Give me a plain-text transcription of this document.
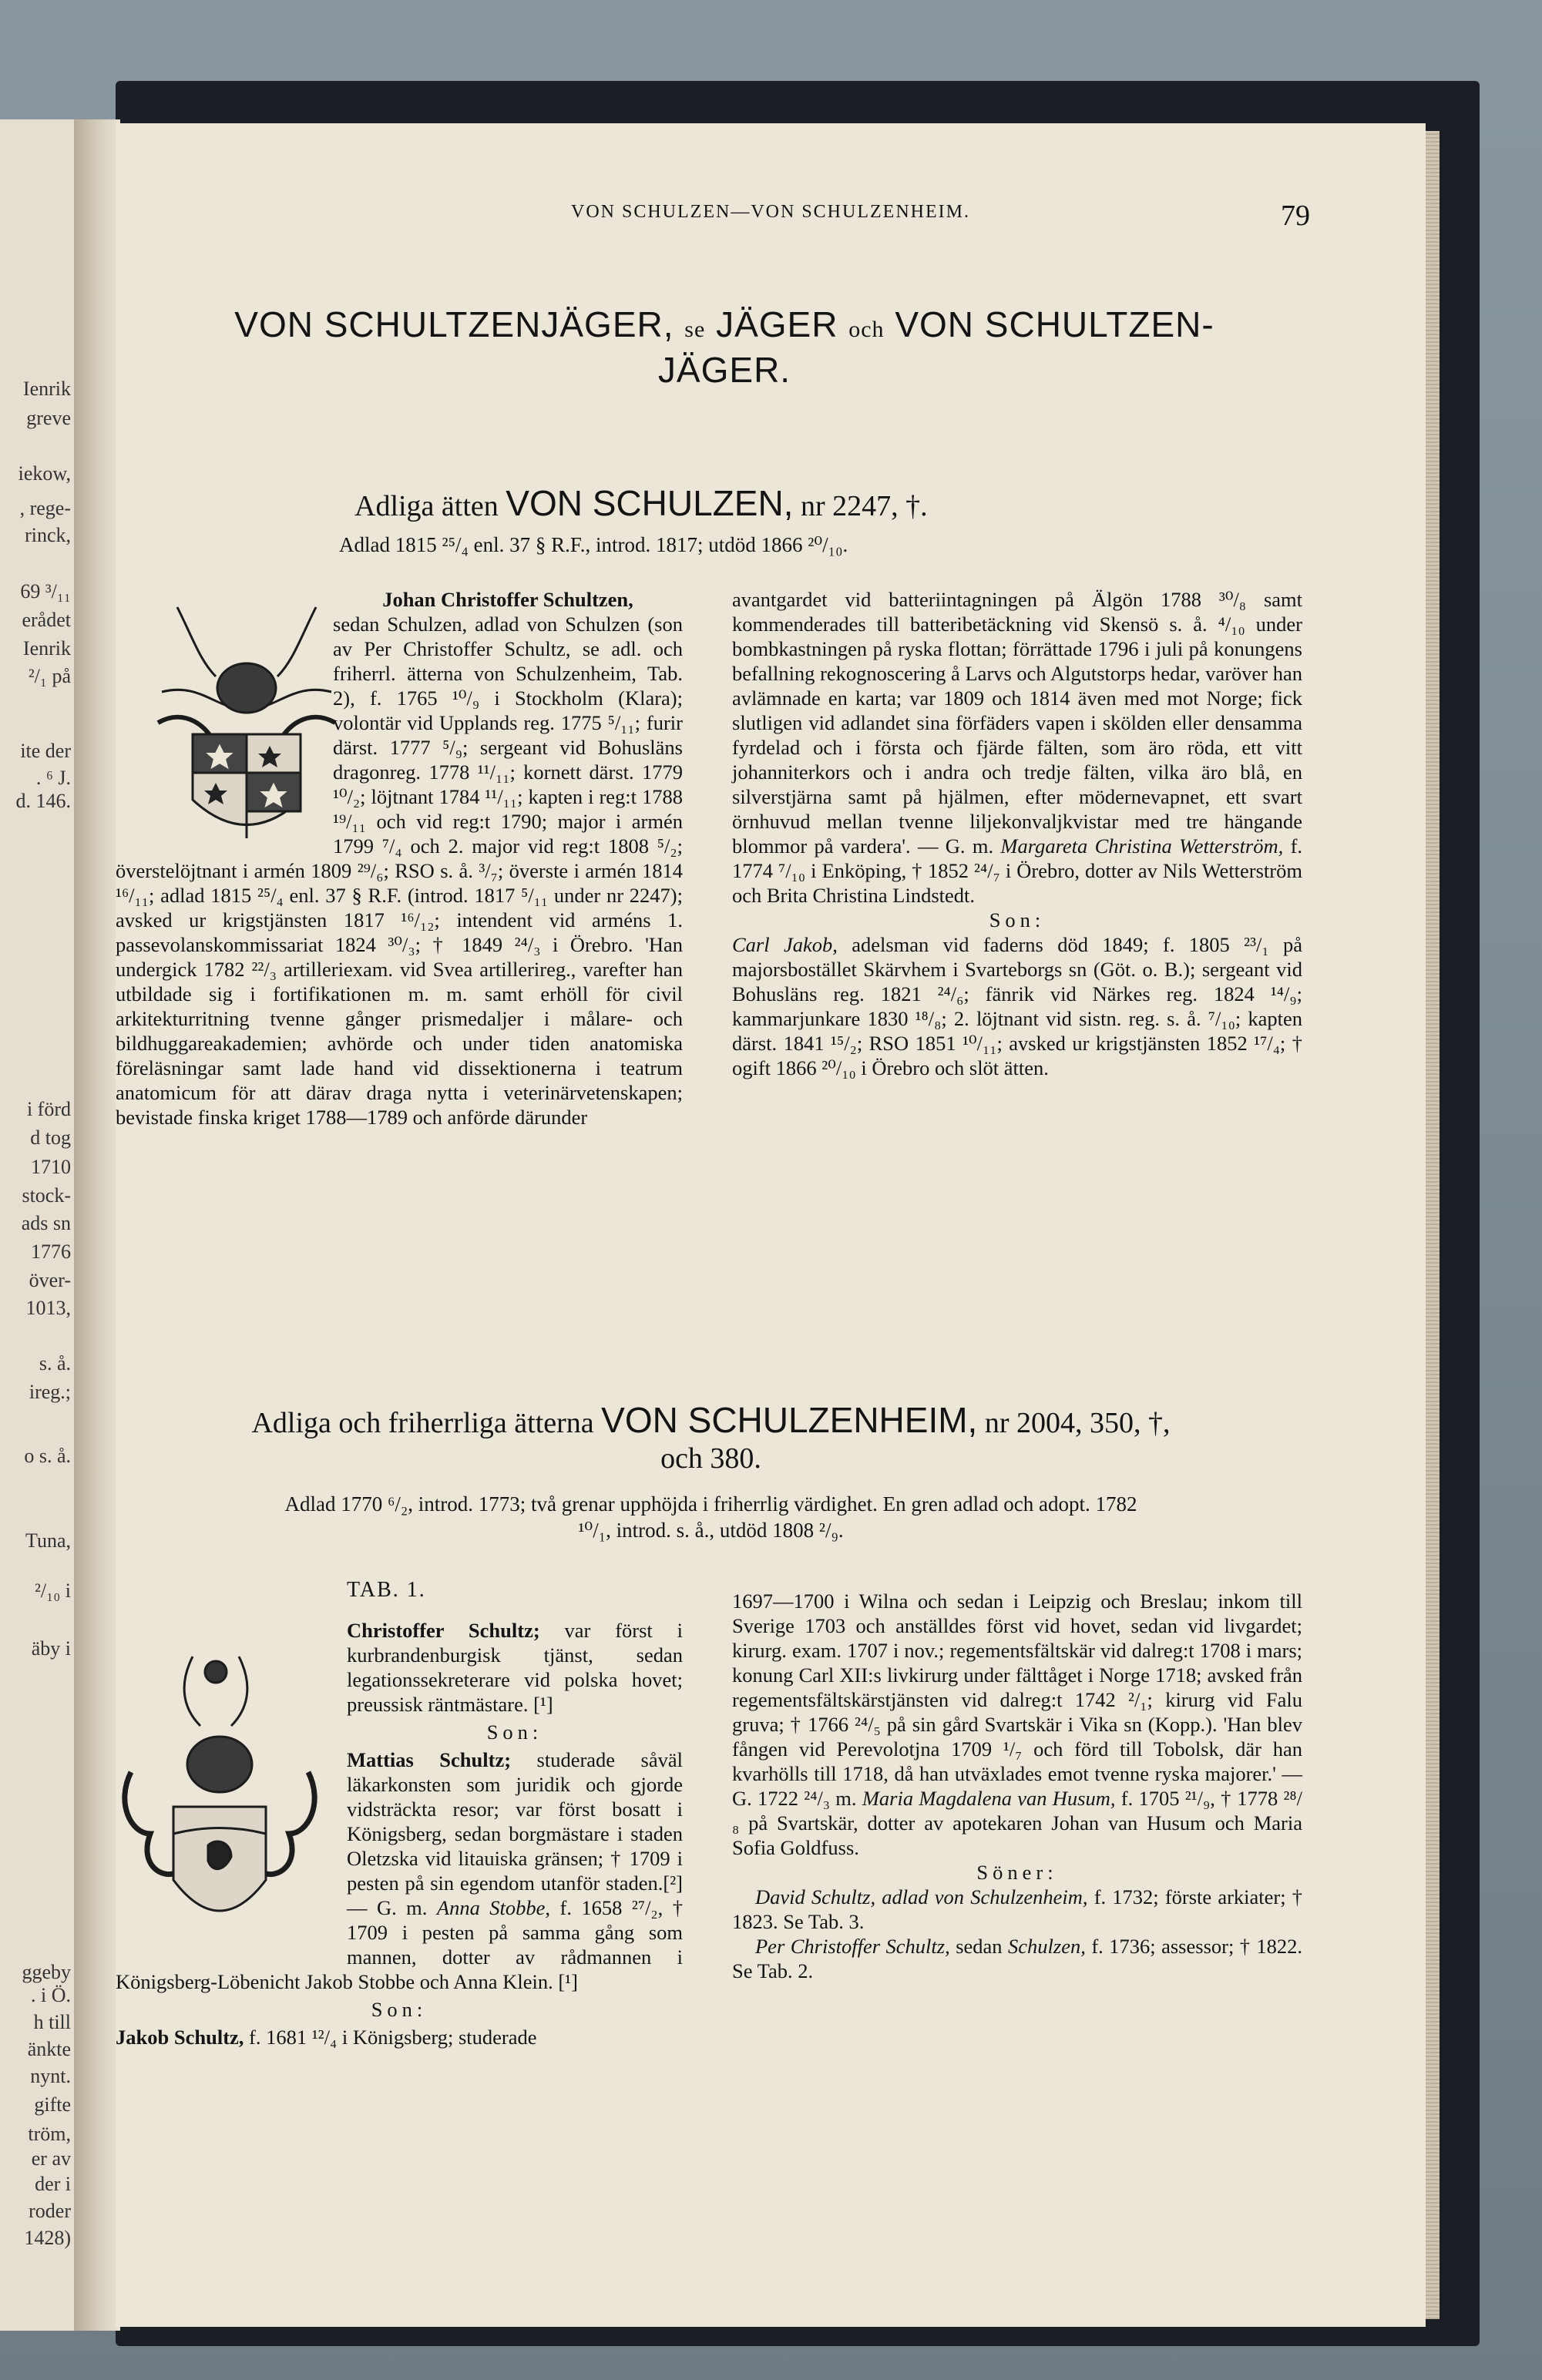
Ienrik
greve
iekow,
, rege-
rinck,
69 ³/₁₁
erådet
Ienrik
²/₁ på
ite der
. ⁶ J.
d. 146.
i förd
d tog
1710
stock-
ads sn
1776
över-
1013,
s. å.
ireg.;
o s. å.
Tuna,
²/₁₀ i
äby i
ggeby
. i Ö.
h till
änkte
nynt.
gifte
tröm,
er av
der i
roder
1428)
VON SCHULZEN—VON SCHULZENHEIM.	79
VON SCHULTZENJÄGER, se JÄGER och VON SCHULTZEN-
JÄGER.
Adliga ätten VON SCHULZEN, nr 2247, †.
Adlad 1815 ²⁵/₄ enl. 37 § R.F., introd. 1817; utdöd 1866 ²⁰/₁₀.

Johan Christoffer Schultzen,

sedan Schulzen, adlad von Schulzen (son av Per Christoffer Schultz, se adl. och friherrl. ätterna von Schulzenheim, Tab. 2), f. 1765 ¹⁰/₉ i Stockholm (Klara); volontär vid Upplands reg. 1775 ⁵/₁₁; furir därst. 1777 ⁵/₉; sergeant vid Bohusläns dragonreg. 1778 ¹¹/₁₁; kornett därst. 1779 ¹⁰/₂; löjtnant 1784 ¹¹/₁₁; kapten i reg:t 1788 ¹⁹/₁₁ och vid reg:t 1790; major i armén 1799 ⁷/₄ och 2. major vid reg:t 1808 ⁵/₂; överstelöjtnant i armén 1809 ²⁹/₆; RSO s. å. ³/₇; överste i armén 1814 ¹⁶/₁₁; adlad 1815 ²⁵/₄ enl. 37 § R.F. (introd. 1817 ⁵/₁₁ under nr 2247); avsked ur krigstjänsten 1817 ¹⁶/₁₂; intendent vid arméns 1. passevolanskommissariat 1824 ³⁰/₃; † 1849 ²⁴/₃ i Örebro. 'Han undergick 1782 ²²/₃ artilleriexam. vid Svea artillerireg., varefter han utbildade sig i fortifikationen m. m. samt erhöll för civil arkitekturritning tvenne gånger prismedaljer i målare- och bildhuggareakademien; avhörde och under tiden anatomiska föreläsningar samt lade hand vid dissektionerna i teatrum anatomicum för att därav draga nytta i veterinärvetenskapen; bevistade finska kriget 1788—1789 och anförde därunder

avantgardet vid batteriintagningen på Älgön 1788 ³⁰/₈ samt kommenderades till batteribetäckning vid Skensö s. å. ⁴/₁₀ under bombkastningen på ryska flottan; förrättade 1796 i juli på konungens befallning rekognoscering å Larvs och Algutstorps hedar, varöver han avlämnade en karta; var 1809 och 1814 även med mot Norge; fick slutligen vid adlandet sina förfäders vapen i skölden eller densamma fyrdelad och i första och fjärde fälten, som äro röda, ett vitt johanniterkors och i andra och tredje fälten, vilka äro blå, en silverstjärna samt på hjälmen, efter mödernevapnet, ett svart örnhuvud mellan tvenne liljekonvaljkvistar med tre hängande blommor på vardera'. — G. m. Margareta Christina Wetterström, f. 1774 ⁷/₁₀ i Enköping, † 1852 ²⁴/₇ i Örebro, dotter av Nils Wetterström och Brita Christina Lindstedt.

Son:

Carl Jakob, adelsman vid faderns död 1849; f. 1805 ²³/₁ på majorsbostället Skärvhem i Svarteborgs sn (Göt. o. B.); sergeant vid Bohusläns reg. 1821 ²⁴/₆; fänrik vid Närkes reg. 1824 ¹⁴/₉; kammarjunkare 1830 ¹⁸/₈; 2. löjtnant vid sistn. reg. s. å. ⁷/₁₀; kapten därst. 1841 ¹⁵/₂; RSO 1851 ¹⁰/₁₁; avsked ur krigstjänsten 1852 ¹⁷/₄; † ogift 1866 ²⁰/₁₀ i Örebro och slöt ätten.

Adliga och friherrliga ätterna VON SCHULZENHEIM, nr 2004, 350, †,
och 380.
Adlad 1770 ⁶/₂, introd. 1773; två grenar upphöjda i friherrlig värdighet. En gren adlad och adopt. 1782
¹⁰/₁, introd. s. å., utdöd 1808 ²/₉.
TAB. 1.

Christoffer Schultz; var först i kurbrandenburgisk tjänst, sedan legationssekreterare vid polska hovet; preussisk räntmästare. [¹]

Son:

Mattias Schultz; studerade såväl läkarkonsten som juridik och gjorde vidsträckta resor; var först bosatt i Königsberg, sedan borgmästare i staden Oletzska vid litauiska gränsen; † 1709 i pesten på sin egendom utanför staden.[²] — G. m. Anna Stobbe, f. 1658 ²⁷/₂, † 1709 i pesten på samma gång som mannen, dotter av rådmannen i Königsberg-Löbenicht Jakob Stobbe och Anna Klein. [¹]

Son:

Jakob Schultz, f. 1681 ¹²/₄ i Königsberg; studerade

1697—1700 i Wilna och sedan i Leipzig och Breslau; inkom till Sverige 1703 och anställdes först vid hovet, sedan vid livgardet; kirurg. exam. 1707 i nov.; regementsfältskär vid dalreg:t 1708 i mars; konung Carl XII:s livkirurg under fälttåget i Norge 1718; avsked från regementsfältskärstjänsten vid dalreg:t 1742 ²/₁; kirurg vid Falu gruva; † 1766 ²⁴/₅ på sin gård Svartskär i Vika sn (Kopp.). 'Han blev fången vid Perevolotjna 1709 ¹/₇ och förd till Tobolsk, där han kvarhölls till 1718, då han utväxlades emot tvenne ryska majorer.' — G. 1722 ²⁴/₃ m. Maria Magdalena van Husum, f. 1705 ²¹/₉, † 1778 ²⁸/₈ på Svartskär, dotter av apotekaren Johan van Husum och Maria Sofia Goldfuss.

Söner:

David Schultz, adlad von Schulzenheim, f. 1732; förste arkiater; † 1823. Se Tab. 3.

Per Christoffer Schultz, sedan Schulzen, f. 1736; assessor; † 1822. Se Tab. 2.
